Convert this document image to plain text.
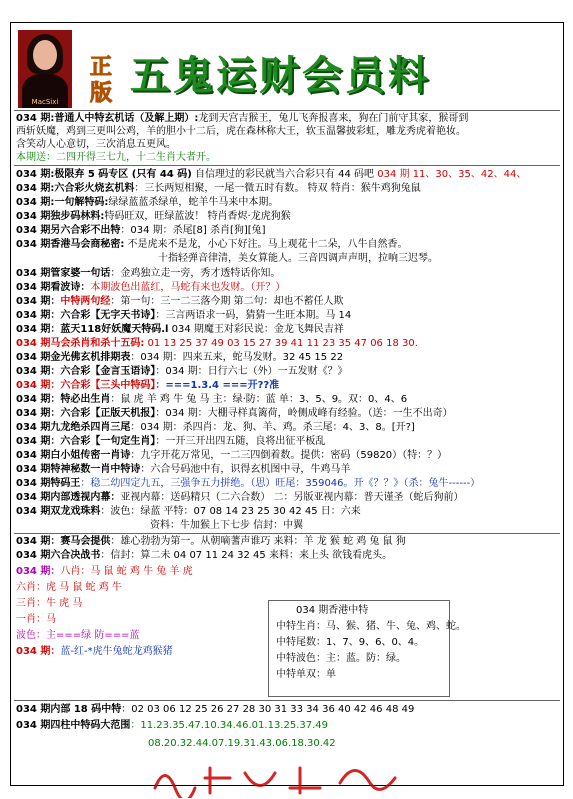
MacSixi
正版 五鬼运财会员料
034 期:普通人中特玄机话（及解上期）:龙到天宫吉猴王，兔儿飞奔报喜来，狗在门前守其家，猴哥到
西斩妖魔，鸡到三更叫公鸡，羊的胆小十二后，虎在森林称大王，软玉温馨披彩虹，雕龙秀虎着艳妆。
含笑动人心意切，三次消息五更风。
本期送：二四开得三七九，十二生肖大者开。
034 期:极限弃 5 码专区 (只有 44 码) 自信理过的彩民就当六合彩只有 44 码吧 034 期 11、30、35、42、44、
034 期:六合彩火烧玄机料：三长两短相聚，一尾一微五时有数。 特双 特肖：猴牛鸡狗兔鼠
034 期:一句解特码:绿绿蓝蓝杀绿单，蛇羊牛马来中本期。
034 期独步码林料:特码旺双，旺绿蓝波！ 特肖香烬·龙虎狗猴
034 期另六合彩不出特：034 期：杀尾[8] 杀肖[狗][兔]
034 期香港马会商秘密: 不是虎来不是龙，小心下好注。马上观花十二朵，八牛自然香。
十指轻弹音律清，美女算能人。三音四调声声明，拉响三迟琴。
034 期管家婆一句话：金鸡独立走一旁，秀才透特话你知。
034 期看波诗：本期波色出蓝红，马蛇有来也发财。（开？）
034 期：中特两句经：第一句：三一二三落今期 第二句：却也不蓄任人欺
034 期：六合彩【无字天书诗】：三言两语求一码，猜猜一生旺本期。马 14
034 期：蓝天118好妖魔天特码.l 034 期魔王对彩民说：金龙飞舞民吉祥
034 期马会杀肖和杀十五码: 01 13 25 37 49 03 15 27 39 41 11 23 35 47 06 18 30.
034 期金光佛玄机排期表：034 期：四来五来，蛇马发财。32 45 15 22
034 期：六合彩【金言玉语诗】：034 期：日行六七（外）一五发财《？》
034 期：六合彩【三头中特码】：===1.3.4 ===开??准
034 期：特必出生肖：鼠 虎 羊 鸡 牛 兔 马 主：绿·防：蓝 单：3、5、9。双：0、4、6
034 期：六合彩【正版天机报】：034 期：大棚寻样真篱荷，岭侧成峰有经验。（送：一生不出奇）
034 期九龙绝杀四肖三尾：034 期：杀四肖：龙、狗、羊、鸡。杀三尾：4、3、8。[开?]
034 期：六合彩【一句定生肖】：一开三开出四五随，良将出征平板乱
034 期白小姐传密一肖诗：九字开花万常见，一二三四倒着数。提供：密码（59820）（特：？）
034 期特神秘数一肖中特诗：六合号码池中有，识得玄机图中寻，牛鸡马羊
034 期特码王：稳二幼四定九五，三强争五力拼绝。（思）旺尾：359046。开《？？》（杀：兔牛------）
034 期内部透视内幕：亚视内幕：送码精只（二六合数） 二：另版亚视内幕：普天谨圣（蛇后狗前）
034 期双龙戏珠料：波色：绿蓝 平特：07 08 14 23 25 30 42 45 日：六来
资料：牛加猴上下七步 信封：中翼
034 期：赛马会提供：雄心勃勃为第一。从朝嘀蓍声谁巧 来料：羊 龙 猴 蛇 鸡 兔 鼠 狗
034 期六合决战书：信封：算二未 04 07 11 24 32 45 来料：来上头 欲钱看虎头。
034 期：八肖：马 鼠 蛇 鸡 牛 兔 羊 虎
六肖：虎 马 鼠 蛇 鸡 牛
三肖：牛 虎 马
一肖：马
波色：主===绿 防===蓝
034 期：蓝-红-*虎牛兔蛇龙鸡猴猪
034 期香港中特
中特生肖：马、猴、猪、牛、兔、鸡、蛇。
中特尾数：1、7、9、6、0、4。
中特波色：主：蓝。防：绿。
中特单双：单
034 期内部 18 码中特：02 03 06 12 25 26 27 28 30 31 33 34 36 40 42 46 48 49
034 期四柱中特码大范围：11.23.35.47.10.34.46.01.13.25.37.49
08.20.32.44.07.19.31.43.06.18.30.42
